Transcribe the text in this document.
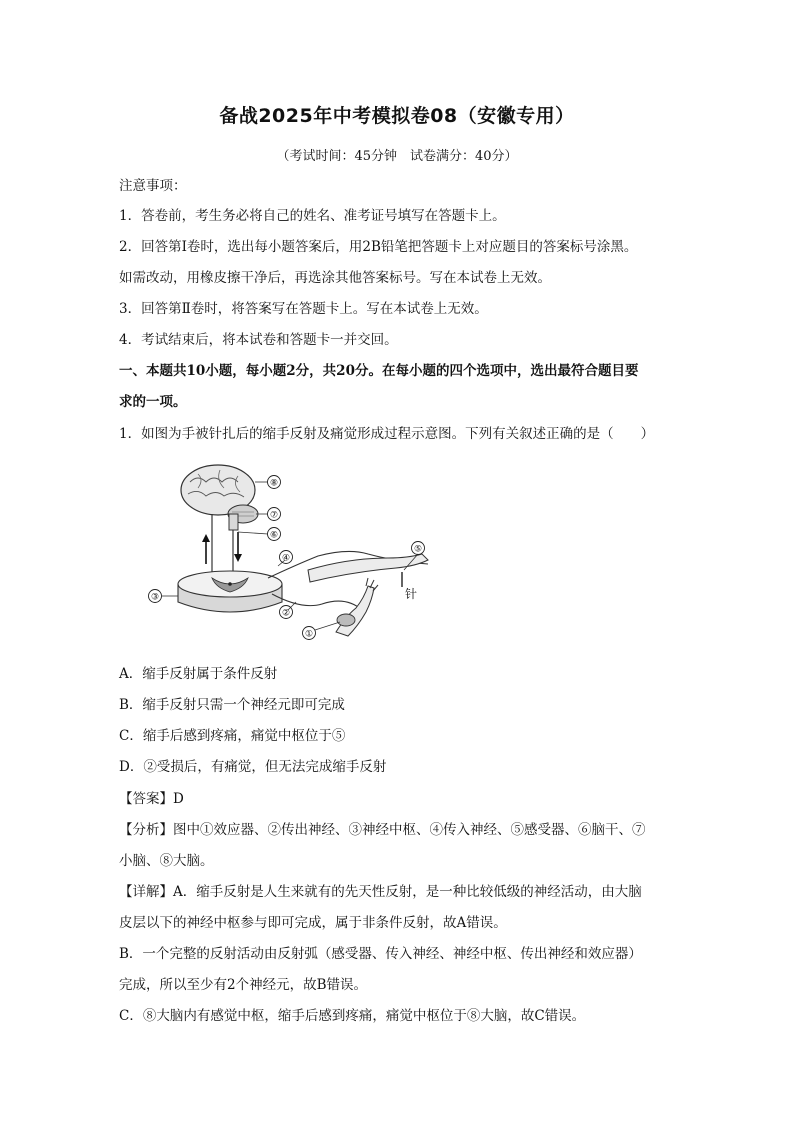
备战2025年中考模拟卷08（安徽专用）
（考试时间：45分钟　试卷满分：40分）
注意事项：
1．答卷前，考生务必将自己的姓名、准考证号填写在答题卡上。
2．回答第Ⅰ卷时，选出每小题答案后，用2B铅笔把答题卡上对应题目的答案标号涂黑。
如需改动，用橡皮擦干净后，再选涂其他答案标号。写在本试卷上无效。
3．回答第Ⅱ卷时，将答案写在答题卡上。写在本试卷上无效。
4．考试结束后，将本试卷和答题卡一并交回。
一、本题共10小题，每小题2分，共20分。在每小题的四个选项中，选出最符合题目要
求的一项。
1．如图为手被针扎后的缩手反射及痛觉形成过程示意图。下列有关叙述正确的是（　　）
⑧
⑦
⑥
④
⑤
③
②
①
针
A．缩手反射属于条件反射
B．缩手反射只需一个神经元即可完成
C．缩手后感到疼痛，痛觉中枢位于⑤
D．②受损后，有痛觉，但无法完成缩手反射
【答案】D
【分析】图中①效应器、②传出神经、③神经中枢、④传入神经、⑤感受器、⑥脑干、⑦
小脑、⑧大脑。
【详解】A．缩手反射是人生来就有的先天性反射，是一种比较低级的神经活动，由大脑
皮层以下的神经中枢参与即可完成，属于非条件反射，故A错误。
B．一个完整的反射活动由反射弧（感受器、传入神经、神经中枢、传出神经和效应器）
完成，所以至少有2个神经元，故B错误。
C．⑧大脑内有感觉中枢，缩手后感到疼痛，痛觉中枢位于⑧大脑，故C错误。
